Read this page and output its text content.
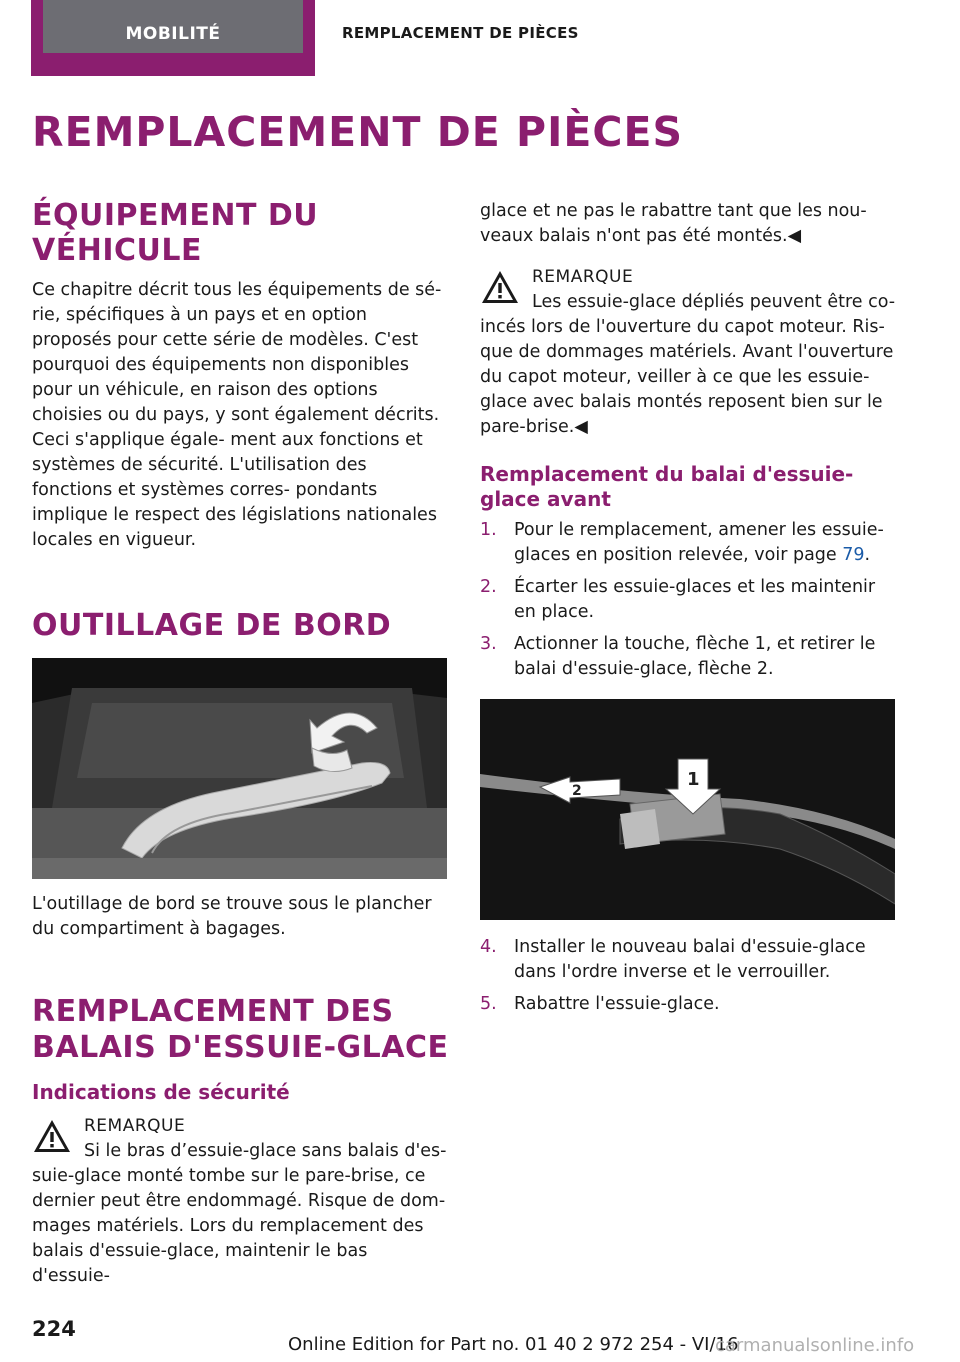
MOBILITÉ	REMPLACEMENT DE PIÈCES
REMPLACEMENT DE PIÈCES
ÉQUIPEMENT DU VÉHICULE

Ce chapitre décrit tous les équipements de sé- rie, spécifiques à un pays et en option proposés pour cette série de modèles. C'est pourquoi des équipements non disponibles pour un véhicule, en raison des options choisies ou du pays, y sont également décrits. Ceci s'applique égale- ment aux fonctions et systèmes de sécurité. L'utilisation des fonctions et systèmes corres- pondants implique le respect des législations nationales locales en vigueur.

OUTILLAGE DE BORD

L'outillage de bord se trouve sous le plancher du compartiment à bagages.

REMPLACEMENT DES BALAIS D'ESSUIE-GLACE
Indications de sécurité
REMARQUE

Si le bras d’essuie-glace sans balais d'es-

suie-glace monté tombe sur le pare-brise, ce dernier peut être endommagé. Risque de dom- mages matériels. Lors du remplacement des balais d'essuie-glace, maintenir le bas d'essuie-

glace et ne pas le rabattre tant que les nou- veaux balais n'ont pas été montés.◀

REMARQUE

Les essuie-glace dépliés peuvent être co-

incés lors de l'ouverture du capot moteur. Ris- que de dommages matériels. Avant l'ouverture du capot moteur, veiller à ce que les essuie- glace avec balais montés reposent bien sur le pare-brise.◀

Remplacement du balai d'essuie-glace avant
1. Pour le remplacement, amener les essuie- glaces en position relevée, voir page 79.
2. Écarter les essuie-glaces et les maintenir en place.
3. Actionner la touche, flèche 1, et retirer le balai d'essuie-glace, flèche 2.
2
1
4. Installer le nouveau balai d'essuie-glace dans l'ordre inverse et le verrouiller.
5. Rabattre l'essuie-glace.
224
Online Edition for Part no. 01 40 2 972 254 - VI/16
carmanualsonline.info
